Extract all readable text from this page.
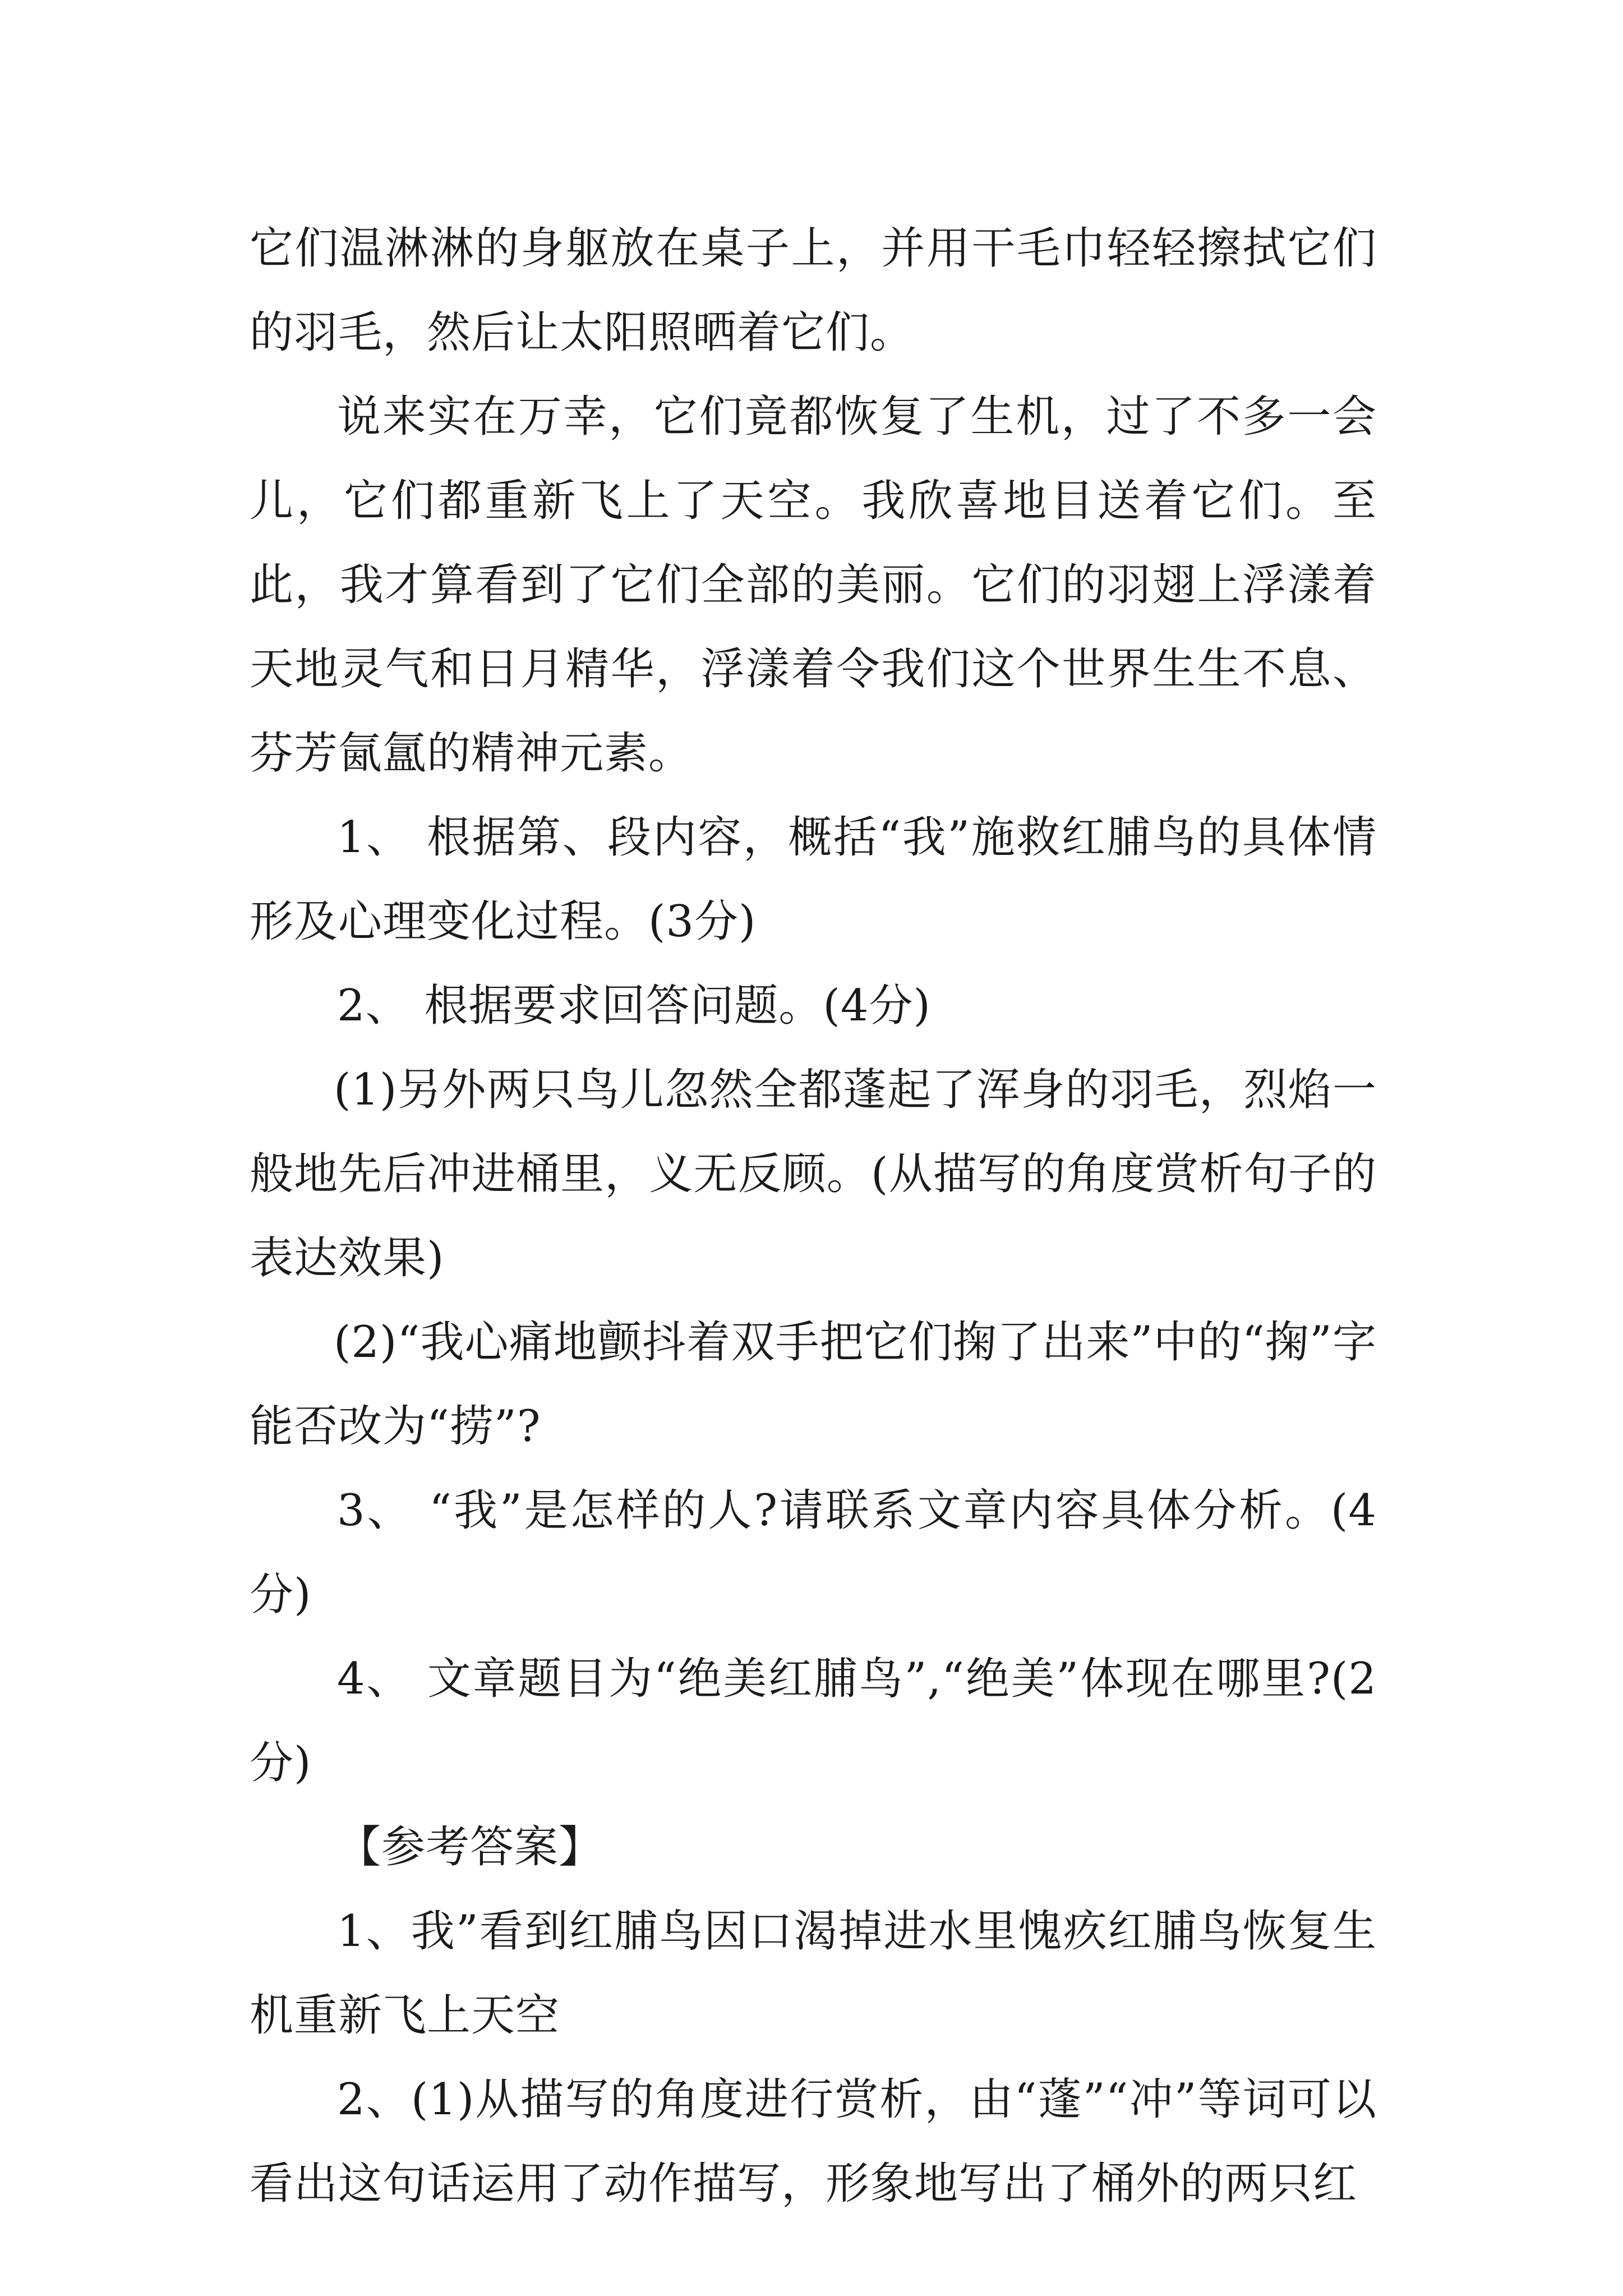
它们温淋淋的身躯放在桌子上，并用干毛巾轻轻擦拭它们的羽毛，然后让太阳照晒着它们。

说来实在万幸，它们竟都恢复了生机，过了不多一会儿，它们都重新飞上了天空。我欣喜地目送着它们。至此，我才算看到了它们全部的美丽。它们的羽翅上浮漾着天地灵气和日月精华，浮漾着令我们这个世界生生不息、芬芳氤氲的精神元素。

1、 根据第、段内容，概括“我”施救红脯鸟的具体情形及心理变化过程。(3分)

2、 根据要求回答问题。(4分)

(1)另外两只鸟儿忽然全都蓬起了浑身的羽毛，烈焰一般地先后冲进桶里，义无反顾。(从描写的角度赏析句子的表达效果)

(2)“我心痛地颤抖着双手把它们掬了出来”中的“掬”字能否改为“捞”?

3、 “我”是怎样的人?请联系文章内容具体分析。(4分)

4、 文章题目为“绝美红脯鸟”,“绝美”体现在哪里?(2分)

【参考答案】

1、我”看到红脯鸟因口渴掉进水里愧疚红脯鸟恢复生机重新飞上天空

2、(1)从描写的角度进行赏析，由“蓬”“冲”等词可以看出这句话运用了动作描写，形象地写出了桶外的两只红
